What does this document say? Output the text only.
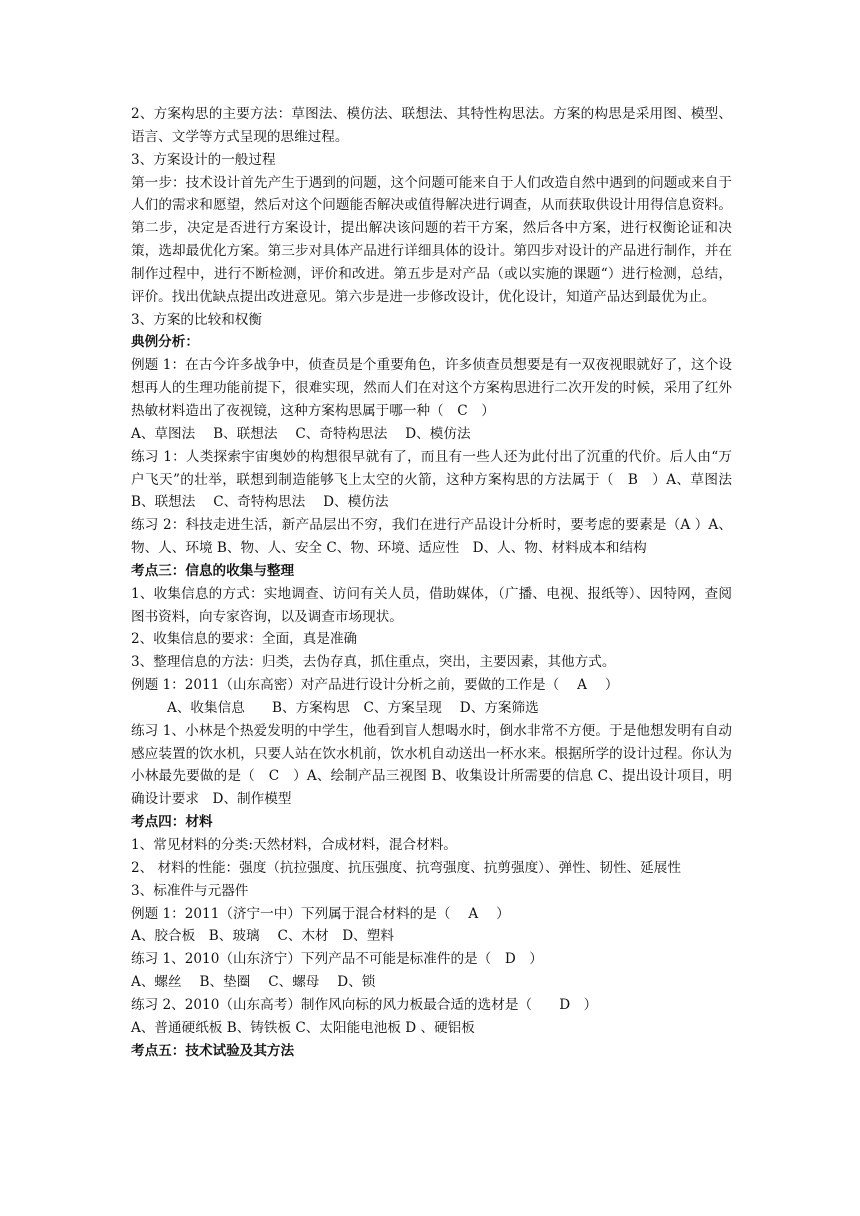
2、方案构思的主要方法：草图法、模仿法、联想法、其特性构思法。方案的构思是采用图、模型、语言、文学等方式呈现的思维过程。

3、方案设计的一般过程

第一步：技术设计首先产生于遇到的问题，这个问题可能来自于人们改造自然中遇到的问题或来自于人们的需求和愿望，然后对这个问题能否解决或值得解决进行调查，从而获取供设计用得信息资料。第二步，决定是否进行方案设计，提出解决该问题的若干方案，然后各中方案，进行权衡论证和决策，选却最优化方案。第三步对具体产品进行详细具体的设计。第四步对设计的产品进行制作，并在制作过程中，进行不断检测，评价和改进。第五步是对产品（或以实施的课题“）进行检测，总结，评价。找出优缺点提出改进意见。第六步是进一步修改设计，优化设计，知道产品达到最优为止。

3、方案的比较和权衡

典例分析：

例题 1：在古今许多战争中，侦查员是个重要角色，许多侦查员想要是有一双夜视眼就好了，这个设想再人的生理功能前提下，很难实现，然而人们在对这个方案构思进行二次开发的时候，采用了红外热敏材料造出了夜视镜，这种方案构思属于哪一种（　C　）

A、草图法　 B、联想法　 C、奇特构思法　 D、模仿法

练习 1：人类探索宇宙奥妙的构想很早就有了，而且有一些人还为此付出了沉重的代价。后人由“万户飞天”的壮举，联想到制造能够飞上太空的火箭，这种方案构思的方法属于（　B　）A、草图法　 B、联想法　 C、奇特构思法　 D、模仿法

练习 2：科技走进生活，新产品层出不穷，我们在进行产品设计分析时，要考虑的要素是（A ）A、物、人、环境 B、物、人、安全 C、物、环境、适应性　D、人、物、材料成本和结构

考点三：信息的收集与整理

1、收集信息的方式：实地调查、访问有关人员，借助媒体，（广播、电视、报纸等）、因特网，查阅图书资料，向专家咨询，以及调查市场现状。

2、收集信息的要求：全面，真是准确

3、整理信息的方法：归类，去伪存真，抓住重点，突出，主要因素，其他方式。

例题 1：2011（山东高密）对产品进行设计分析之前，要做的工作是（　 A　 ）

A、收集信息　　B、方案构思　C、方案呈现　 D、方案筛选

练习 1、小林是个热爱发明的中学生，他看到盲人想喝水时，倒水非常不方便。于是他想发明有自动感应装置的饮水机，只要人站在饮水机前，饮水机自动送出一杯水来。根据所学的设计过程。你认为小林最先要做的是（　C　）A、绘制产品三视图 B、收集设计所需要的信息 C、提出设计项目，明确设计要求　D、制作模型

考点四：材料

1、常见材料的分类:天然材料，合成材料，混合材料。

2、 材料的性能：强度（抗拉强度、抗压强度、抗弯强度、抗剪强度）、弹性、韧性、延展性

3、标准件与元器件

例题 1：2011（济宁一中）下列属于混合材料的是（　 A　 ）

A、胶合板　B、玻璃　 C、木材　D、塑料

练习 1、2010（山东济宁）下列产品不可能是标准件的是（　D　）

A、螺丝　 B、垫圈　 C、螺母　 D、锁

练习 2、2010（山东高考）制作风向标的风力板最合适的选材是（　　D　）

A、普通硬纸板 B、铸铁板 C、太阳能电池板 D 、硬铝板

考点五：技术试验及其方法
